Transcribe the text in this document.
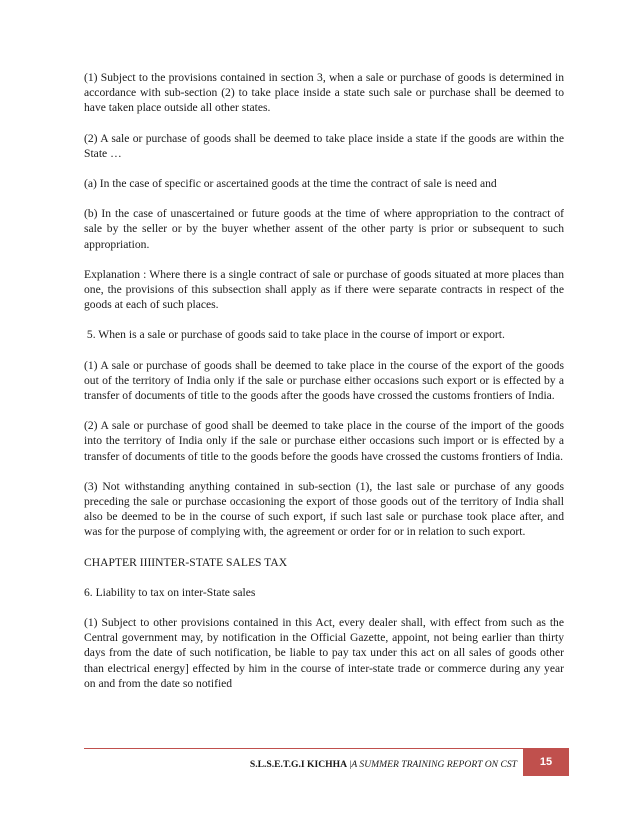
(1) Subject to the provisions contained in section 3, when a sale or purchase of goods is determined in accordance with sub-section (2) to take place inside a state such sale or purchase shall be deemed to have taken place outside all other states.

(2) A sale or purchase of goods shall be deemed to take place inside a state if the goods are within the State …

(a) In the case of specific or ascertained goods at the time the contract of sale is need and

(b) In the case of unascertained or future goods at the time of where appropriation to the contract of sale by the seller or by the buyer whether assent of the other party is prior or subsequent to such appropriation.

Explanation : Where there is a single contract of sale or purchase of goods situated at more places than one, the provisions of this subsection shall apply as if there were separate contracts in respect of the goods at each of such places.

5. When is a sale or purchase of goods said to take place in the course of import or export.

(1) A sale or purchase of goods shall be deemed to take place in the course of the export of the goods out of the territory of India only if the sale or purchase either occasions such export or is effected by a transfer of documents of title to the goods after the goods have crossed the customs frontiers of India.

(2) A sale or purchase of good shall be deemed to take place in the course of the import of the goods into the territory of India only if the sale or purchase either occasions such import or is effected by a transfer of documents of title to the goods before the goods have crossed the customs frontiers of India.

(3) Not withstanding anything contained in sub-section (1), the last sale or purchase of any goods preceding the sale or purchase occasioning the export of those goods out of the territory of India shall also be deemed to be in the course of such export, if such last sale or purchase took place after, and was for the purpose of complying with, the agreement or order for or in relation to such export.

CHAPTER IIIINTER-STATE SALES TAX

6. Liability to tax on inter-State sales

(1) Subject to other provisions contained in this Act, every dealer shall, with effect from such as the Central government may, by notification in the Official Gazette, appoint, not being earlier than thirty days from the date of such notification, be liable to pay tax under this act on all sales of goods other than electrical energy] effected by him in the course of inter-state trade or commerce during any year on and from the date so notified

S.L.S.E.T.G.I KICHHA |A SUMMER TRAINING REPORT ON CST	15
